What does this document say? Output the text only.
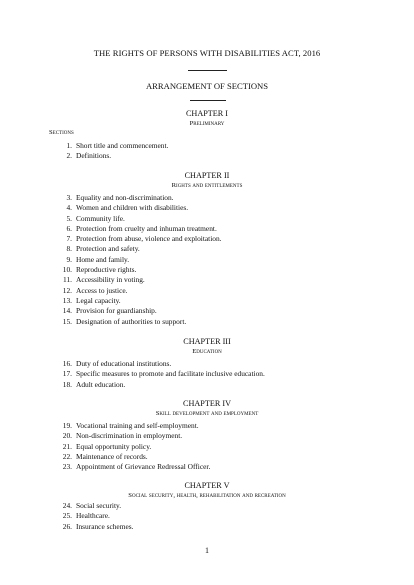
THE RIGHTS OF PERSONS WITH DISABILITIES ACT, 2016
ARRANGEMENT OF SECTIONS
CHAPTER I
Preliminary
Sections
1. Short title and commencement.
2. Definitions.
CHAPTER II
Rights and entitlements
3. Equality and non-discrimination.
4. Women and children with disabilities.
5. Community life.
6. Protection from cruelty and inhuman treatment.
7. Protection from abuse, violence and exploitation.
8. Protection and safety.
9. Home and family.
10. Reproductive rights.
11. Accessibility in voting.
12. Access to justice.
13. Legal capacity.
14. Provision for guardianship.
15. Designation of authorities to support.
CHAPTER III
Education
16. Duty of educational institutions.
17. Specific measures to promote and facilitate inclusive education.
18. Adult education.
CHAPTER IV
Skill development and employment
19. Vocational training and self-employment.
20. Non-discrimination in employment.
21. Equal opportunity policy.
22. Maintenance of records.
23. Appointment of Grievance Redressal Officer.
CHAPTER V
Social security, health, rehabilitation and recreation
24. Social security.
25. Healthcare.
26. Insurance schemes.
1
